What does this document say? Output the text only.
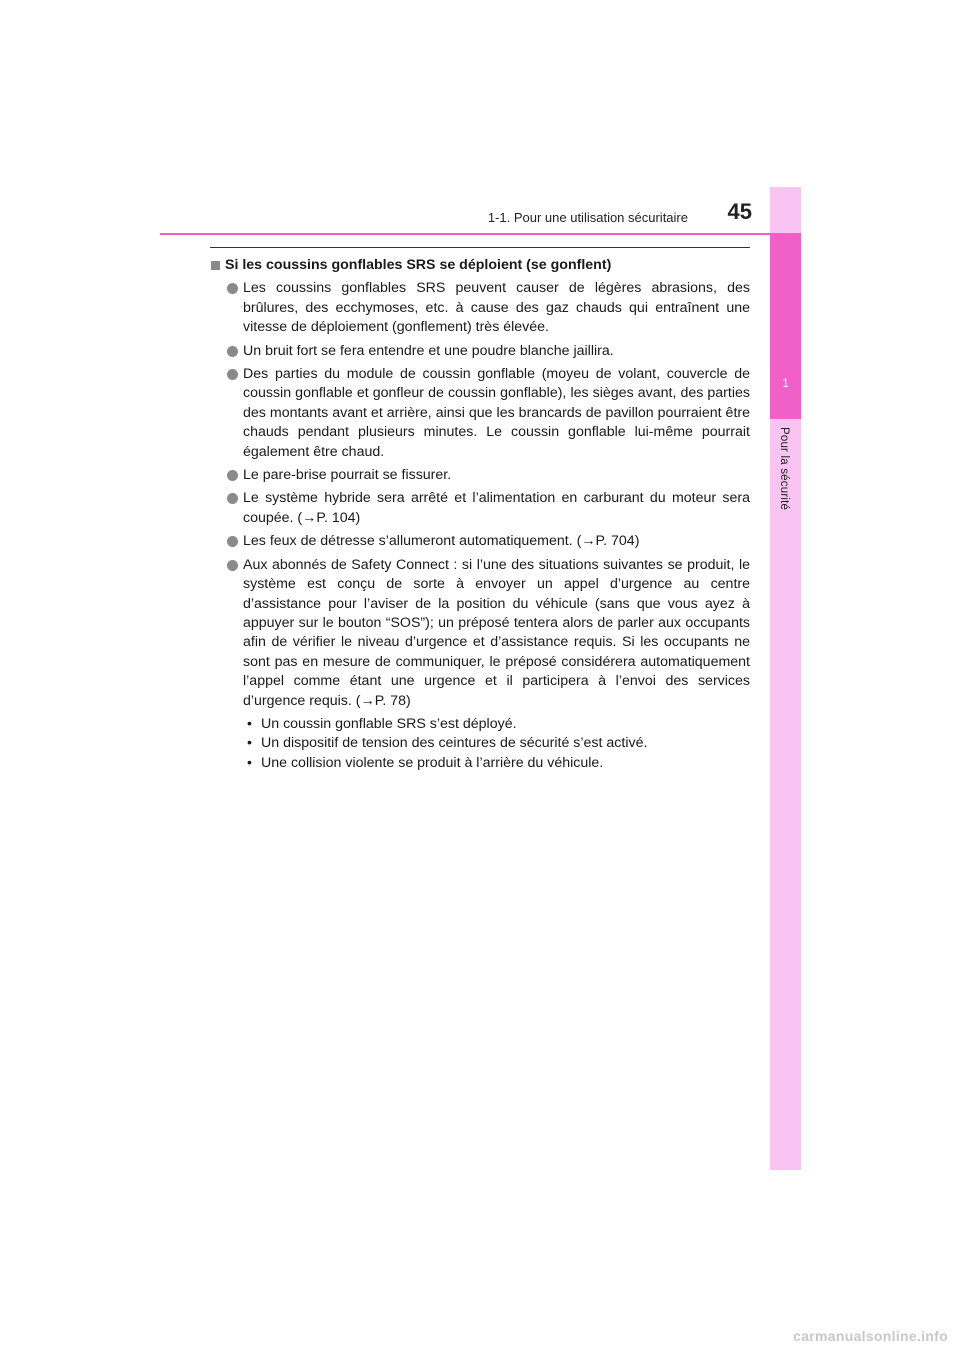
1
Pour la sécurité
1-1. Pour une utilisation sécuritaire	45
Si les coussins gonflables SRS se déploient (se gonflent)
Les coussins gonflables SRS peuvent causer de légères abrasions, des brûlures, des ecchymoses, etc. à cause des gaz chauds qui entraînent une vitesse de déploiement (gonflement) très élevée.
Un bruit fort se fera entendre et une poudre blanche jaillira.
Des parties du module de coussin gonflable (moyeu de volant, couvercle de coussin gonflable et gonfleur de coussin gonflable), les sièges avant, des parties des montants avant et arrière, ainsi que les brancards de pavillon pourraient être chauds pendant plusieurs minutes. Le coussin gonflable lui-même pourrait également être chaud.
Le pare-brise pourrait se fissurer.
Le système hybride sera arrêté et l’alimentation en carburant du moteur sera coupée. (→P. 104)
Les feux de détresse s’allumeront automatiquement. (→P. 704)
Aux abonnés de Safety Connect : si l’une des situations suivantes se produit, le système est conçu de sorte à envoyer un appel d’urgence au centre d’assistance pour l’aviser de la position du véhicule (sans que vous ayez à appuyer sur le bouton “SOS”); un préposé tentera alors de parler aux occupants afin de vérifier le niveau d’urgence et d’assistance requis. Si les occupants ne sont pas en mesure de communiquer, le préposé considérera automatiquement l’appel comme étant une urgence et il participera à l’envoi des services d’urgence requis. (→P. 78)
• Un coussin gonflable SRS s’est déployé.
• Un dispositif de tension des ceintures de sécurité s’est activé.
• Une collision violente se produit à l’arrière du véhicule.
carmanualsonline.info
